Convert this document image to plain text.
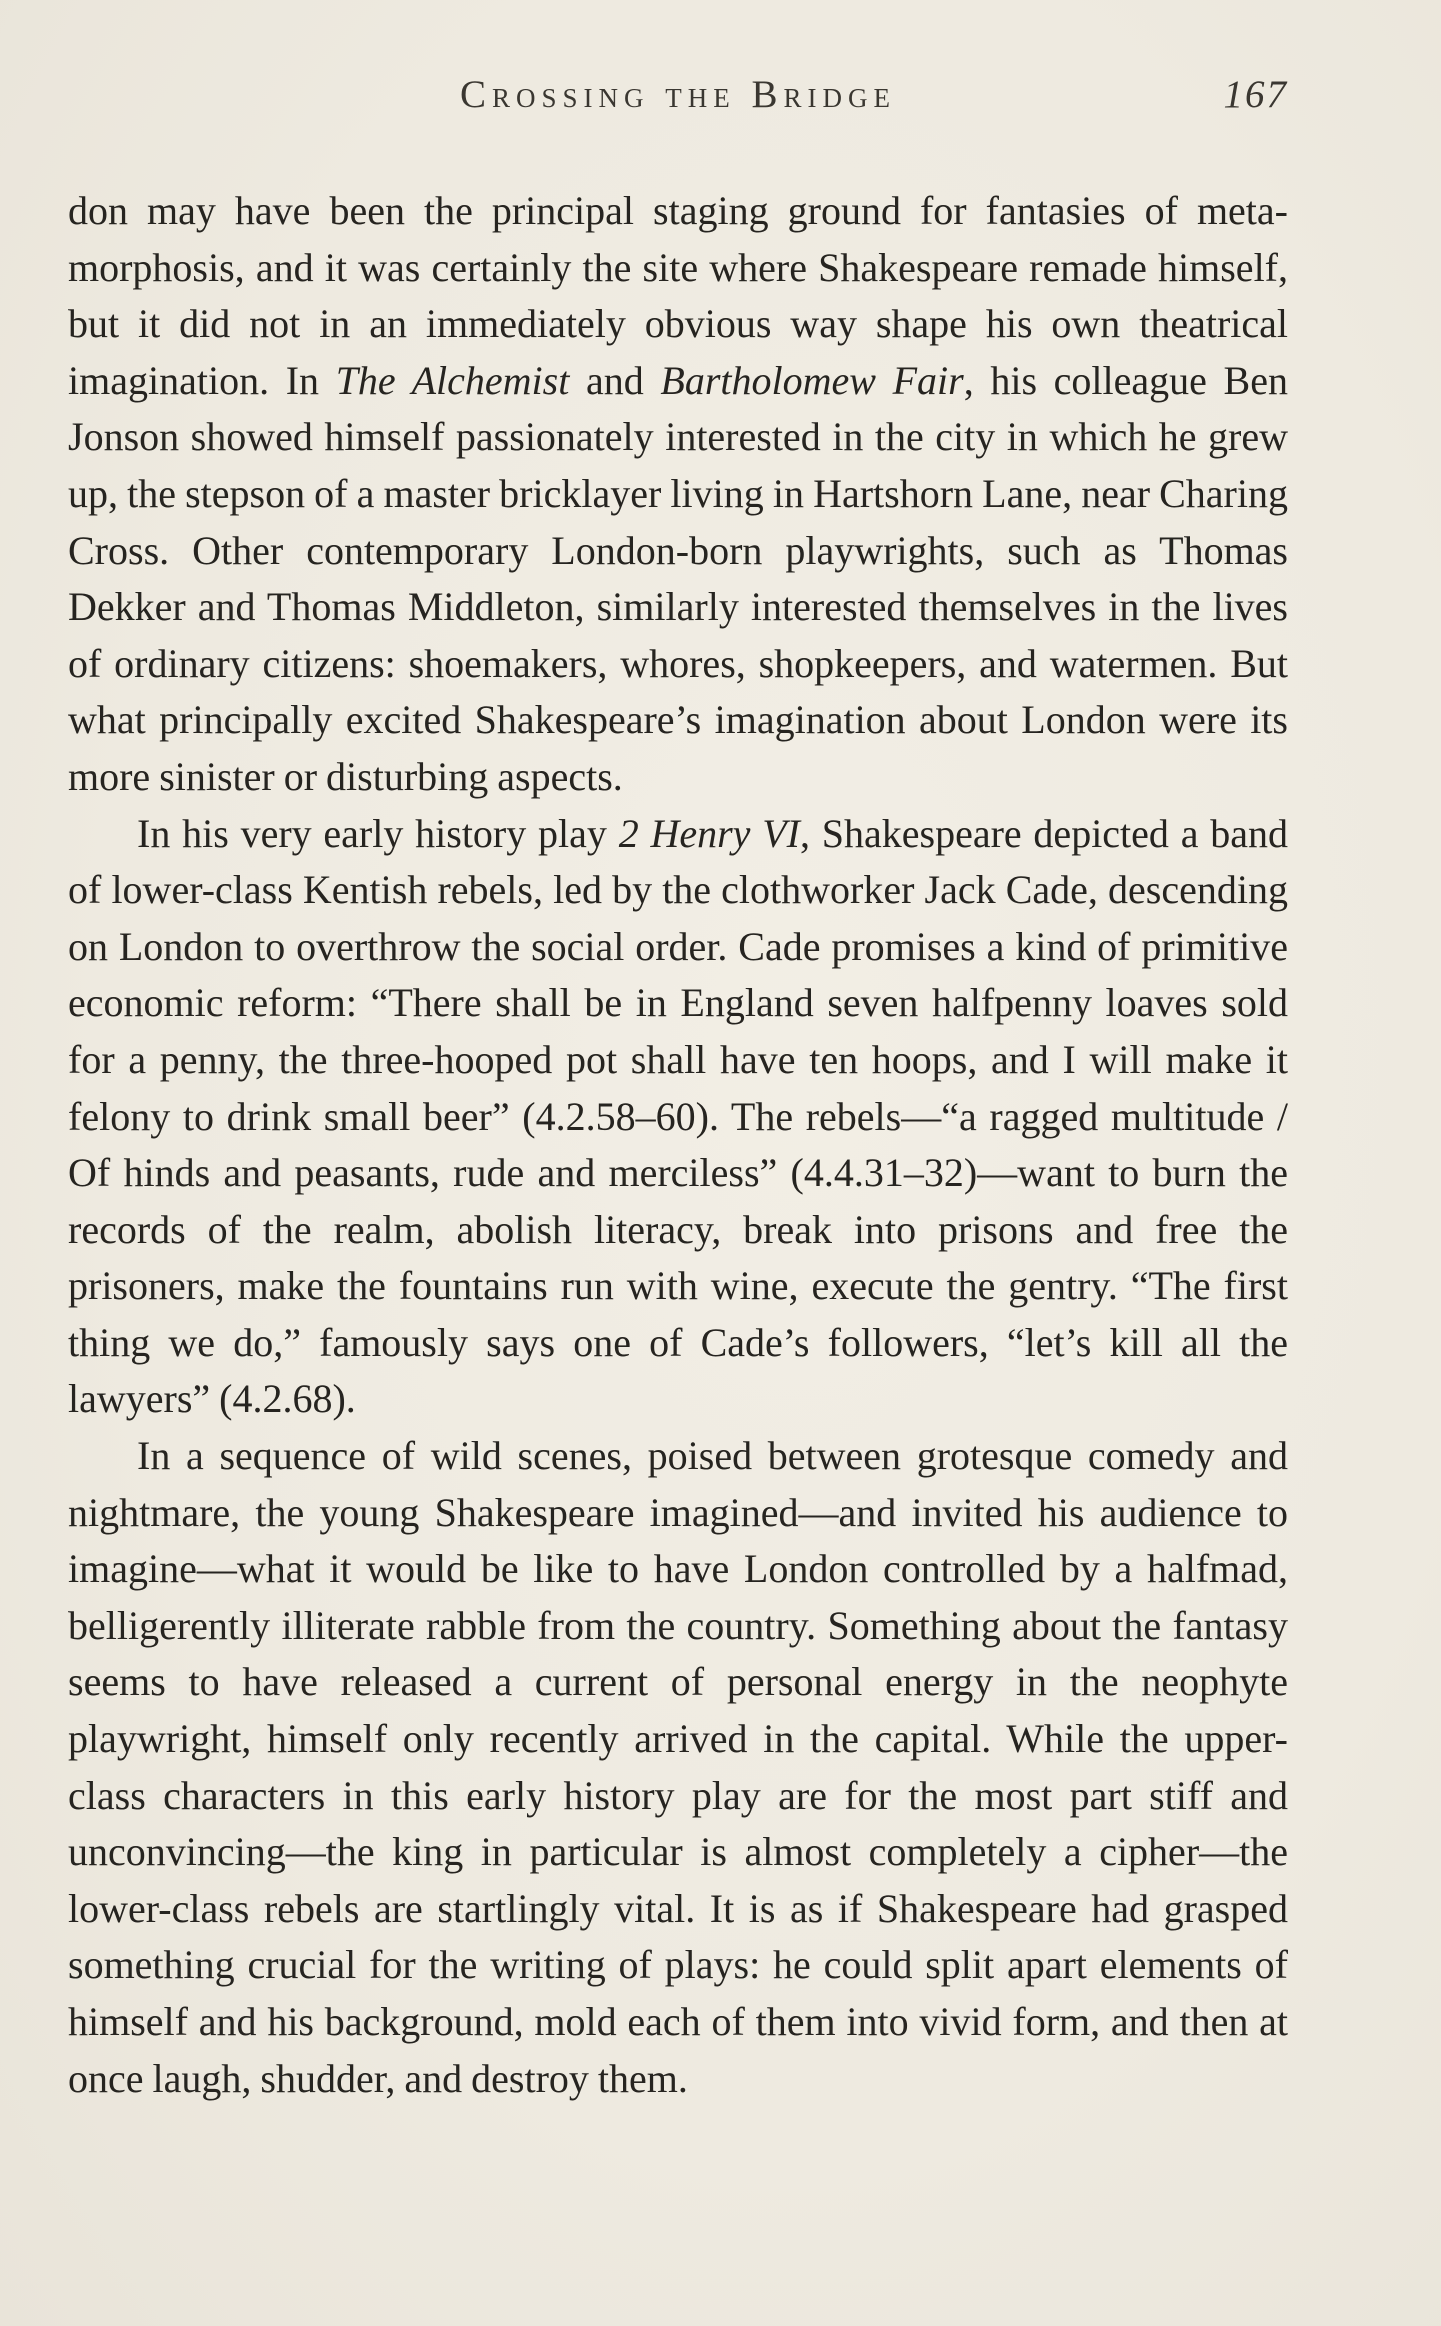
Crossing the Bridge	167

don may have been the principal staging ground for fantasies of metamorphosis, and it was certainly the site where Shakespeare remade himself, but it did not in an immediately obvious way shape his own theatrical imagination. In The Alchemist and Bartholomew Fair, his colleague Ben Jonson showed himself passionately interested in the city in which he grew up, the stepson of a master bricklayer living in Hartshorn Lane, near Charing Cross. Other contemporary London-born playwrights, such as Thomas Dekker and Thomas Middleton, similarly interested themselves in the lives of ordinary citizens: shoemakers, whores, shopkeepers, and watermen. But what principally excited Shakespeare’s imagination about London were its more sinister or disturbing aspects.

In his very early history play 2 Henry VI, Shakespeare depicted a band of lower-class Kentish rebels, led by the clothworker Jack Cade, descending on London to overthrow the social order. Cade promises a kind of primitive economic reform: “There shall be in England seven halfpenny loaves sold for a penny, the three-hooped pot shall have ten hoops, and I will make it felony to drink small beer” (4.2.58–60). The rebels—“a ragged multitude / Of hinds and peasants, rude and merciless” (4.4.31–32)—want to burn the records of the realm, abolish literacy, break into prisons and free the prisoners, make the fountains run with wine, execute the gentry. “The first thing we do,” famously says one of Cade’s followers, “let’s kill all the lawyers” (4.2.68).

In a sequence of wild scenes, poised between grotesque comedy and nightmare, the young Shakespeare imagined—and invited his audience to imagine—what it would be like to have London controlled by a halfmad, belligerently illiterate rabble from the country. Something about the fantasy seems to have released a current of personal energy in the neophyte playwright, himself only recently arrived in the capital. While the upper-class characters in this early history play are for the most part stiff and unconvincing—the king in particular is almost completely a cipher—the lower-class rebels are startlingly vital. It is as if Shakespeare had grasped something crucial for the writing of plays: he could split apart elements of himself and his background, mold each of them into vivid form, and then at once laugh, shudder, and destroy them.
